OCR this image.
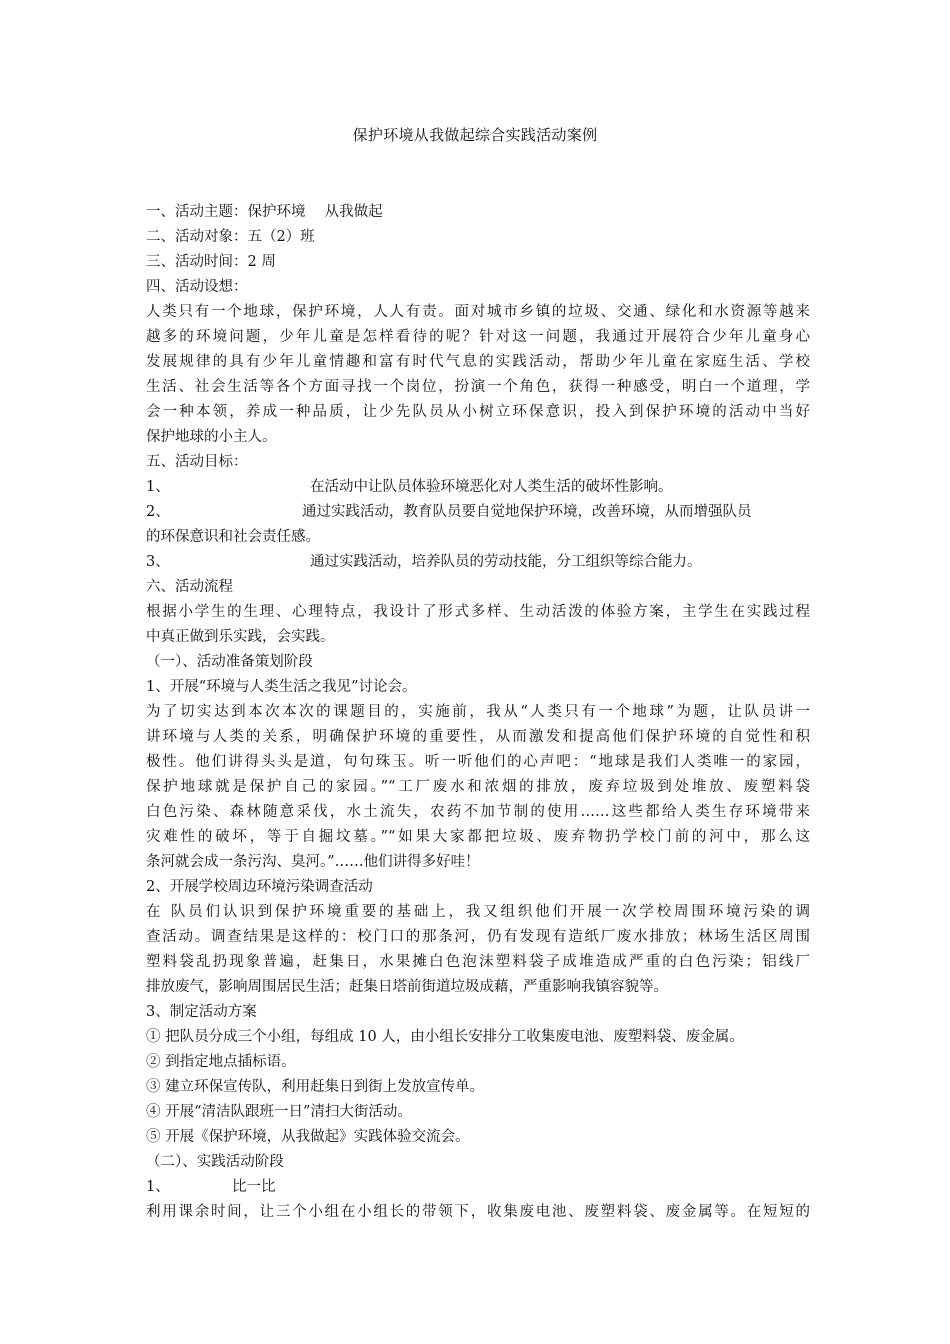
保护环境从我做起综合实践活动案例
一、活动主题：保护环境　 从我做起
二、活动对象：五（2）班
三、活动时间：2 周
四、活动设想：
人类只有一个地球，保护环境，人人有责。面对城市乡镇的垃圾、交通、绿化和水资源等越来
越多的环境问题，少年儿童是怎样看待的呢？针对这一问题，我通过开展符合少年儿童身心
发展规律的具有少年儿童情趣和富有时代气息的实践活动，帮助少年儿童在家庭生活、学校
生活、社会生活等各个方面寻找一个岗位，扮演一个角色，获得一种感受，明白一个道理，学
会一种本领，养成一种品质，让少先队员从小树立环保意识，投入到保护环境的活动中当好
保护地球的小主人。
五、活动目标：
1、	在活动中让队员体验环境恶化对人类生活的破坏性影响。
2、	通过实践活动，教育队员要自觉地保护环境，改善环境，从而增强队员
的环保意识和社会责任感。
3、	通过实践活动，培养队员的劳动技能，分工组织等综合能力。
六、活动流程
根据小学生的生理、心理特点，我设计了形式多样、生动活泼的体验方案，主学生在实践过程
中真正做到乐实践，会实践。
（一）、活动准备策划阶段
1、开展“环境与人类生活之我见”讨论会。
为了切实达到本次本次的课题目的，实施前，我从“人类只有一个地球”为题，让队员讲一
讲环境与人类的关系，明确保护环境的重要性，从而激发和提高他们保护环境的自觉性和积
极性。他们讲得头头是道，句句珠玉。听一听他们的心声吧：“地球是我们人类唯一的家园，
保护地球就是保护自己的家园。”“工厂废水和浓烟的排放，废弃垃圾到处堆放、废塑料袋
白色污染、森林随意采伐，水土流失，农药不加节制的使用……这些都给人类生存环境带来
灾难性的破坏，等于自掘坟墓。”“如果大家都把垃圾、废弃物扔学校门前的河中，那么这
条河就会成一条污沟、臭河。”……他们讲得多好哇！
2、开展学校周边环境污染调查活动
在 队员们认识到保护环境重要的基础上，我又组织他们开展一次学校周围环境污染的调
查活动。调查结果是这样的：校门口的那条河，仍有发现有造纸厂废水排放；林场生活区周围
塑料袋乱扔现象普遍，赶集日，水果摊白色泡沫塑料袋子成堆造成严重的白色污染；铝线厂
排放废气，影响周围居民生活；赶集日塔前街道垃圾成藉，严重影响我镇容貌等。
3、制定活动方案
① 把队员分成三个小组，每组成 10 人，由小组长安排分工收集废电池、废塑料袋、废金属。
② 到指定地点插标语。
③ 建立环保宣传队，利用赶集日到街上发放宣传单。
④ 开展“清洁队跟班一日”清扫大街活动。
⑤ 开展《保护环境，从我做起》实践体验交流会。
（二）、实践活动阶段
1、	比一比
利用课余时间，让三个小组在小组长的带领下，收集废电池、废塑料袋、废金属等。在短短的
